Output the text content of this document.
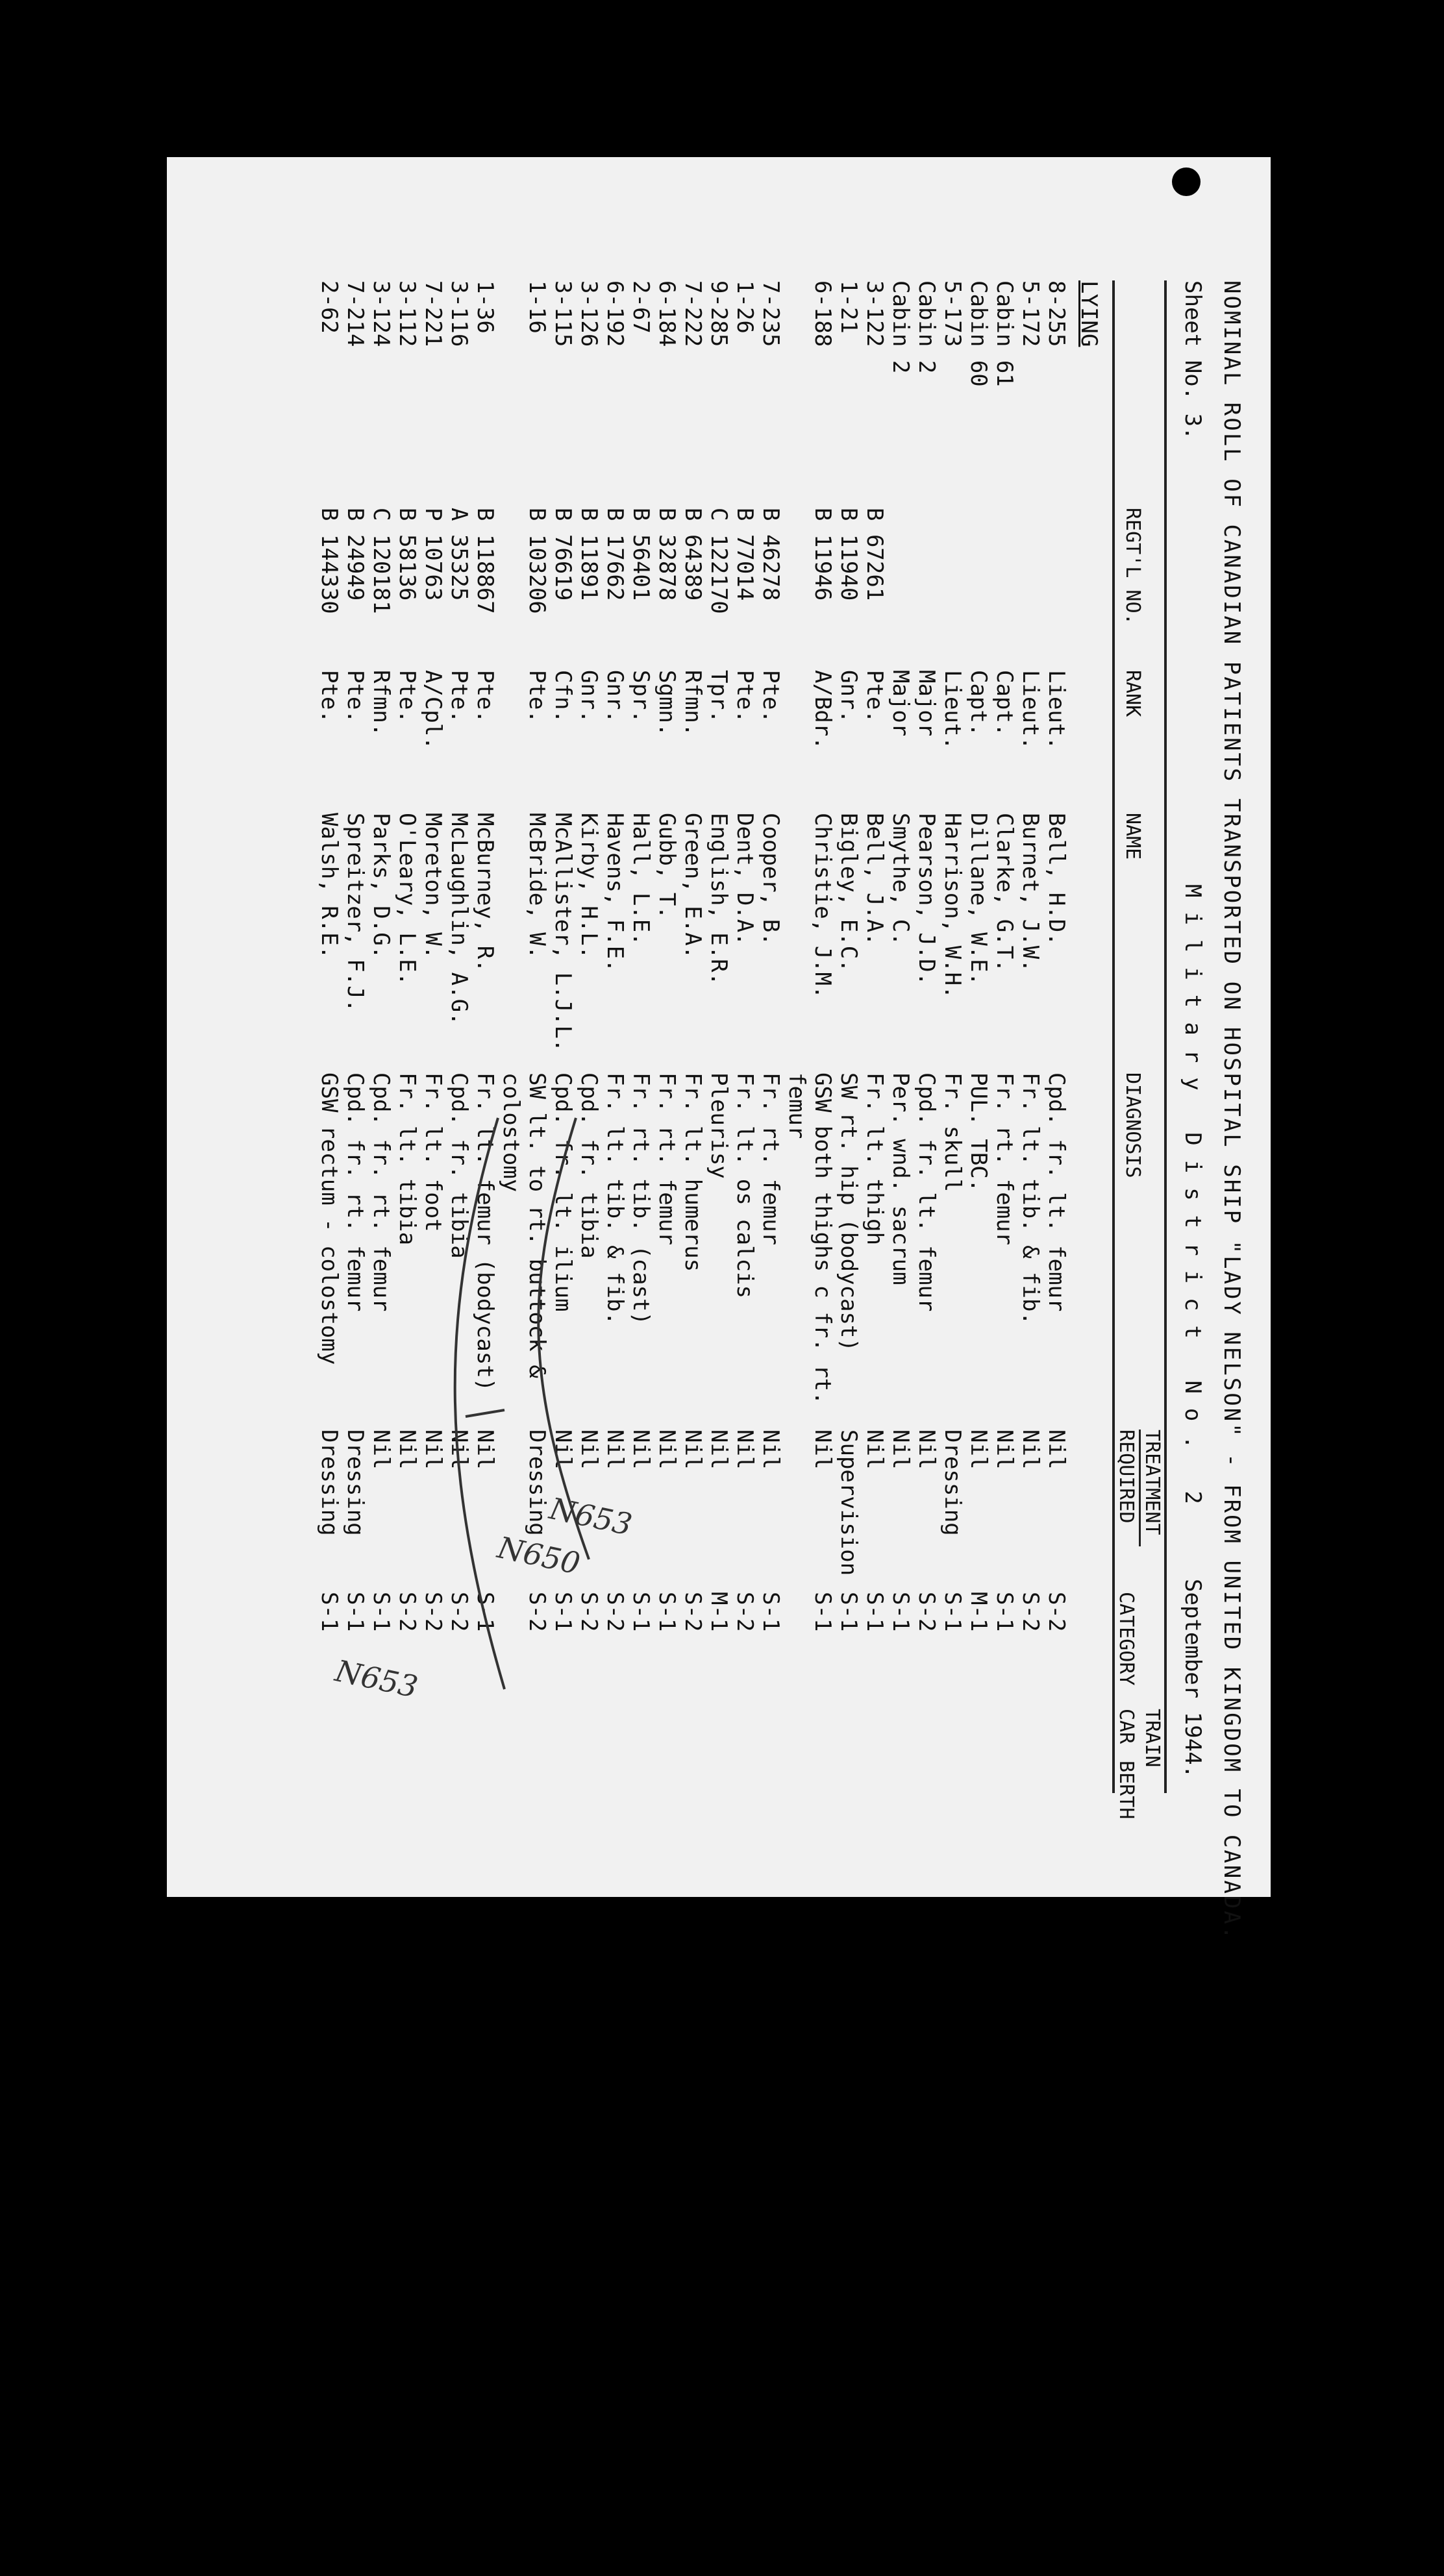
NOMINAL ROLL OF CANADIAN PATIENTS TRANSPORTED ON HOSPITAL SHIP "LADY NELSON" - FROM UNITED KINGDOM TO CANADA.
Sheet No. 3.
Military District No. 2
September 1944.
REGT'L NO.
RANK
NAME
DIAGNOSIS
TREATMENT
REQUIRED
CATEGORY
TRAIN
CAR
BERTH
LYING
8-255
Lieut.
Bell, H.D.
Cpd. fr. lt. femur
Nil
S-2
5-172
Lieut.
Burnet, J.W.
Fr. lt. tib. & fib.
Nil
S-2
Cabin 61
Capt.
Clarke, G.T.
Fr. rt. femur
Nil
S-1
Cabin 60
Capt.
Dillane, W.E.
PUL. TBC.
Nil
M-1
5-173
Lieut.
Harrison, W.H.
Fr. skull
Dressing
S-1
Cabin 2
Major
Pearson, J.D.
Cpd. fr. lt. femur
Nil
S-2
Cabin 2
Major
Smythe, C.
Per. wnd. sacrum
Nil
S-1
3-122
B 67261
Pte.
Bell, J.A.
Fr. lt. thigh
Nil
S-1
1-21
B 11940
Gnr.
Bigley, E.C.
SW rt. hip (bodycast)
Supervision
S-1
6-188
B 11946
A/Bdr.
Christie, J.M.
GSW both thighs c fr. rt.
Nil
S-1
femur
7-235
B 46278
Pte.
Cooper, B.
Fr. rt. femur
Nil
S-1
1-26
B 77014
Pte.
Dent, D.A.
Fr. lt. os calcis
Nil
S-2
9-285
C 122170
Tpr.
English, E.R.
Pleurisy
Nil
M-1
7-222
B 64389
Rfmn.
Green, E.A.
Fr. lt. humerus
Nil
S-2
6-184
B 32878
Sgmn.
Gubb, T.
Fr. rt. femur
Nil
S-1
2-67
B 56401
Spr.
Hall, L.E.
Fr. rt. tib. (cast)
Nil
S-1
6-192
B 17662
Gnr.
Havens, F.E.
Fr. lt. tib. & fib.
Nil
S-2
3-126
B 11891
Gnr.
Kirby, H.L.
Cpd. fr. tibia
Nil
S-2
3-115
B 76619
Cfn.
McAllister, L.J.L.
Cpd. fr. lt. ilium
Nil
S-1
1-16
B 103206
Pte.
McBride, W.
SW lt. to rt. buttock &
Dressing
S-2
colostomy
1-36
B 118867
Pte.
McBurney, R.
Fr. lt. femur (bodycast)
Nil
S-1
3-116
A 35325
Pte.
McLaughlin, A.G.
Cpd. fr. tibia
Nil
S-2
7-221
P 10763
A/Cpl.
Moreton, W.
Fr. lt. foot
Nil
S-2
3-112
B 58136
Pte.
O'Leary, L.E.
Fr. lt. tibia
Nil
S-2
3-124
C 120181
Rfmn.
Parks, D.G.
Cpd. fr. rt. femur
Nil
S-1
7-214
B 24949
Pte.
Spreitzer, F.J.
Cpd. fr. rt. femur
Dressing
S-1
2-62
B 144330
Pte.
Walsh, R.E.
GSW rectum - colostomy
Dressing
S-1
N653
N650
N653
